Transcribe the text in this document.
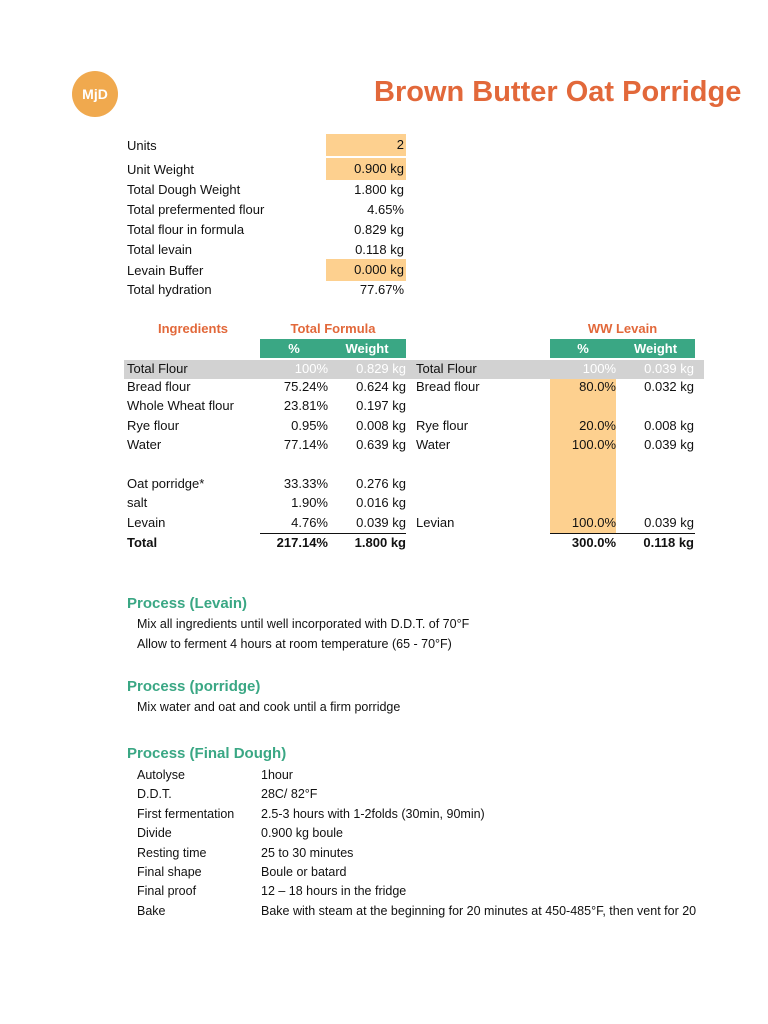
MjD	Brown Butter Oat Porridge
Units	2
Unit Weight	0.900 kg
Total Dough Weight	1.800 kg
Total prefermented flour	4.65%
Total flour in formula	0.829 kg
Total levain	0.118 kg
Levain Buffer	0.000 kg
Total hydration	77.67%
Ingredients	Total Formula	WW Levain
%	Weight	%	Weight
Total Flour	100%	0.829 kg Total Flour	100%	0.039 kg
Bread flour	75.24%	0.624 kg Bread flour	80.0%	0.032 kg
Whole Wheat flour	23.81%	0.197 kg
Rye flour	0.95%	0.008 kg Rye flour	20.0%	0.008 kg
Water	77.14%	0.639 kg Water	100.0%	0.039 kg
Oat porridge*	33.33%	0.276 kg
salt	1.90%	0.016 kg
Levain	4.76%	0.039 kg Levian	100.0%	0.039 kg
Total	217.14%	1.800 kg	300.0%	0.118 kg
Process (Levain)
Mix all ingredients until well incorporated with D.D.T. of 70°F
Allow to ferment 4 hours at room temperature (65 - 70°F)
Process (porridge)
Mix water and oat and cook until a firm porridge
Process (Final Dough)
Autolyse	1hour
D.D.T.	28C/ 82°F
First fermentation 2.5-3 hours with 1-2folds (30min, 90min)
Divide	0.900 kg boule
Resting time	25 to 30 minutes
Final shape	Boule or batard
Final proof	12 – 18 hours in the fridge
Bake	Bake with steam at the beginning for 20 minutes at 450-485°F, then vent for 20
